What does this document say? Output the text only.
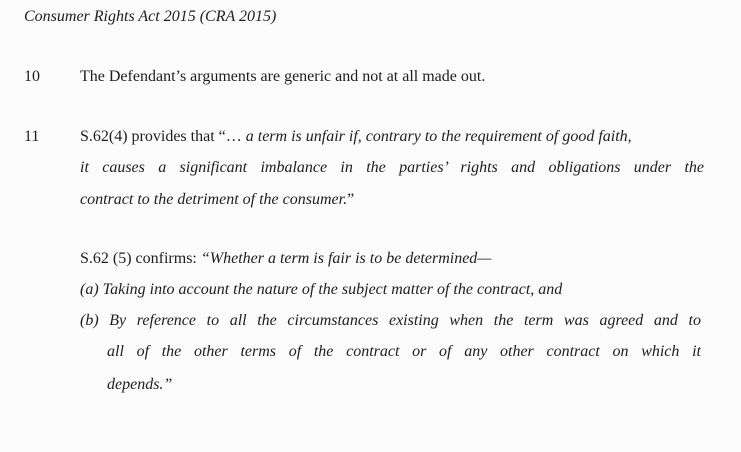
Consumer Rights Act 2015 (CRA 2015)
10	The Defendant’s arguments are generic and not at all made out.
11	S.62(4) provides that “… a term is unfair if, contrary to the requirement of good faith,
it causes a significant imbalance in the parties’ rights and obligations under the
contract to the detriment of the consumer.”
S.62 (5) confirms: “Whether a term is fair is to be determined—
(a) Taking into account the nature of the subject matter of the contract, and
(b) By reference to all the circumstances existing when the term was agreed and to
all of the other terms of the contract or of any other contract on which it
depends.”
